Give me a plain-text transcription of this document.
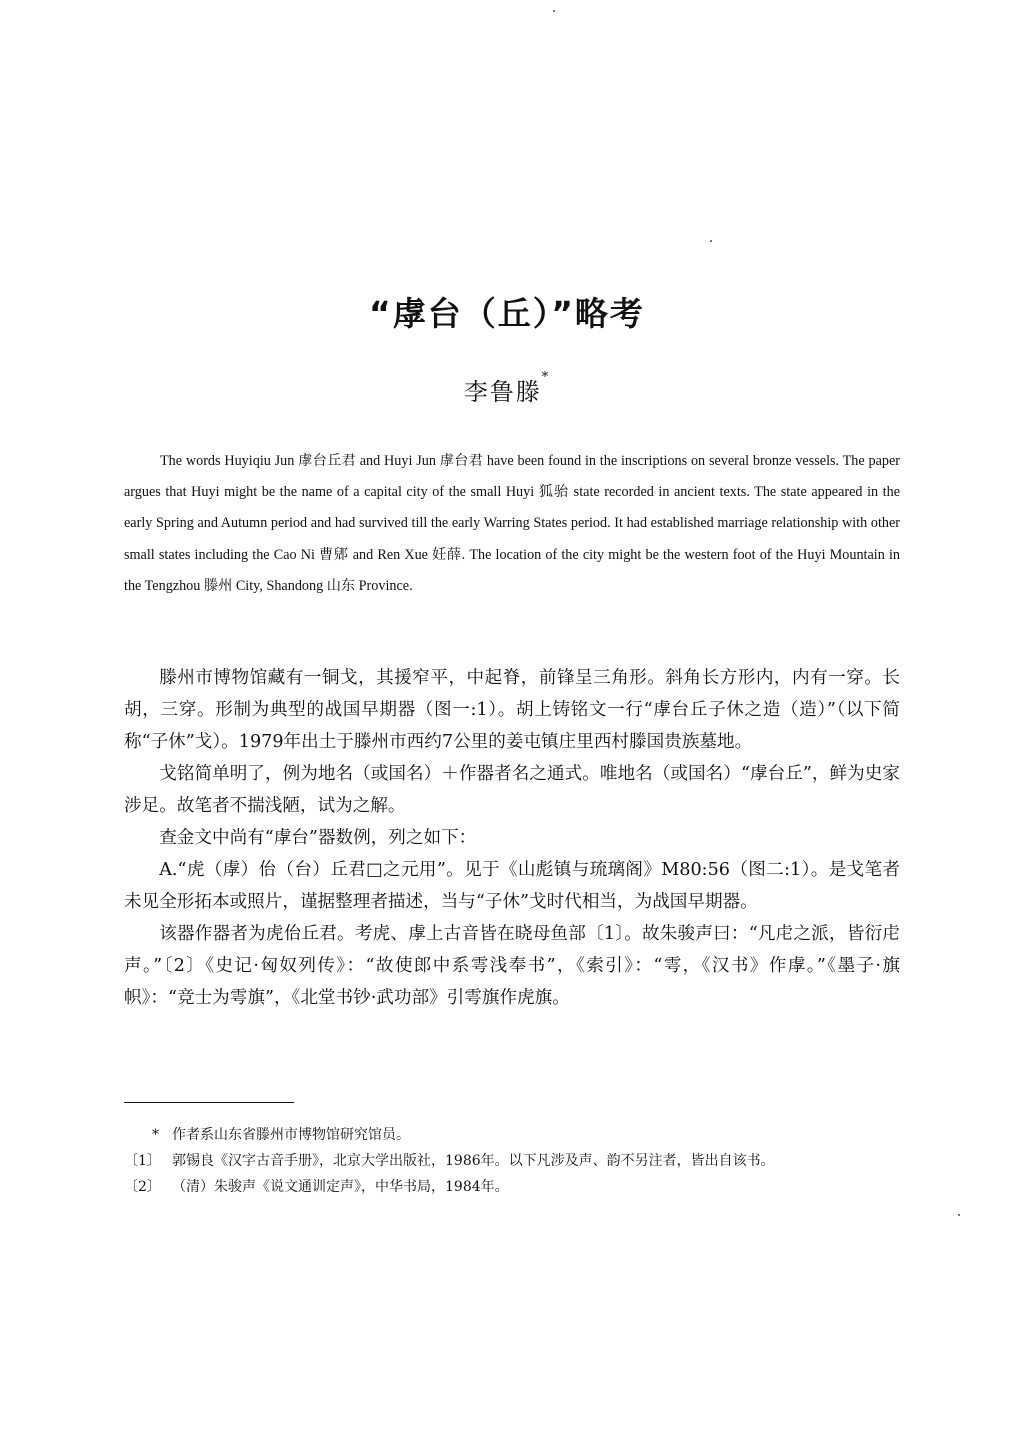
“虖台（丘）”略考
李鲁滕*
The words Huyiqiu Jun 虖台丘君 and Huyi Jun 虖台君 have been found in the inscriptions on several bronze vessels. The paper argues that Huyi might be the name of a capital city of the small Huyi 狐骀 state recorded in ancient texts. The state appeared in the early Spring and Autumn period and had survived till the early Warring States period. It had established marriage relationship with other small states including the Cao Ni 曹郳 and Ren Xue 妊薛. The location of the city might be the western foot of the Huyi Mountain in the Tengzhou 滕州 City, Shandong 山东 Province.

滕州市博物馆藏有一铜戈，其援窄平，中起脊，前锋呈三角形。斜角长方形内，内有一穿。长胡，三穿。形制为典型的战国早期器（图一:1）。胡上铸铭文一行“虖台丘子休之造（造）”（以下简称“子休”戈）。1979年出土于滕州市西约7公里的姜屯镇庄里西村滕国贵族墓地。

戈铭简单明了，例为地名（或国名）＋作器者名之通式。唯地名（或国名）“虖台丘”，鲜为史家涉足。故笔者不揣浅陋，试为之解。

查金文中尚有“虖台”器数例，列之如下：

A.“虎（虖）佁（台）丘君□之元用”。见于《山彪镇与琉璃阁》M80:56（图二:1）。是戈笔者未见全形拓本或照片，谨据整理者描述，当与“子休”戈时代相当，为战国早期器。

该器作器者为虎佁丘君。考虎、虖上古音皆在晓母鱼部〔1〕。故朱骏声曰：“凡虍之派，皆衍虍声。”〔2〕《史记·匈奴列传》：“故使郎中系雩浅奉书”，《索引》：“雩，《汉书》作虖。”《墨子·旗帜》：“竞士为雩旗”，《北堂书钞·武功部》引雩旗作虎旗。

* 作者系山东省滕州市博物馆研究馆员。
〔1〕 郭锡良《汉字古音手册》，北京大学出版社，1986年。以下凡涉及声、韵不另注者，皆出自该书。
〔2〕 （清）朱骏声《说文通训定声》，中华书局，1984年。
